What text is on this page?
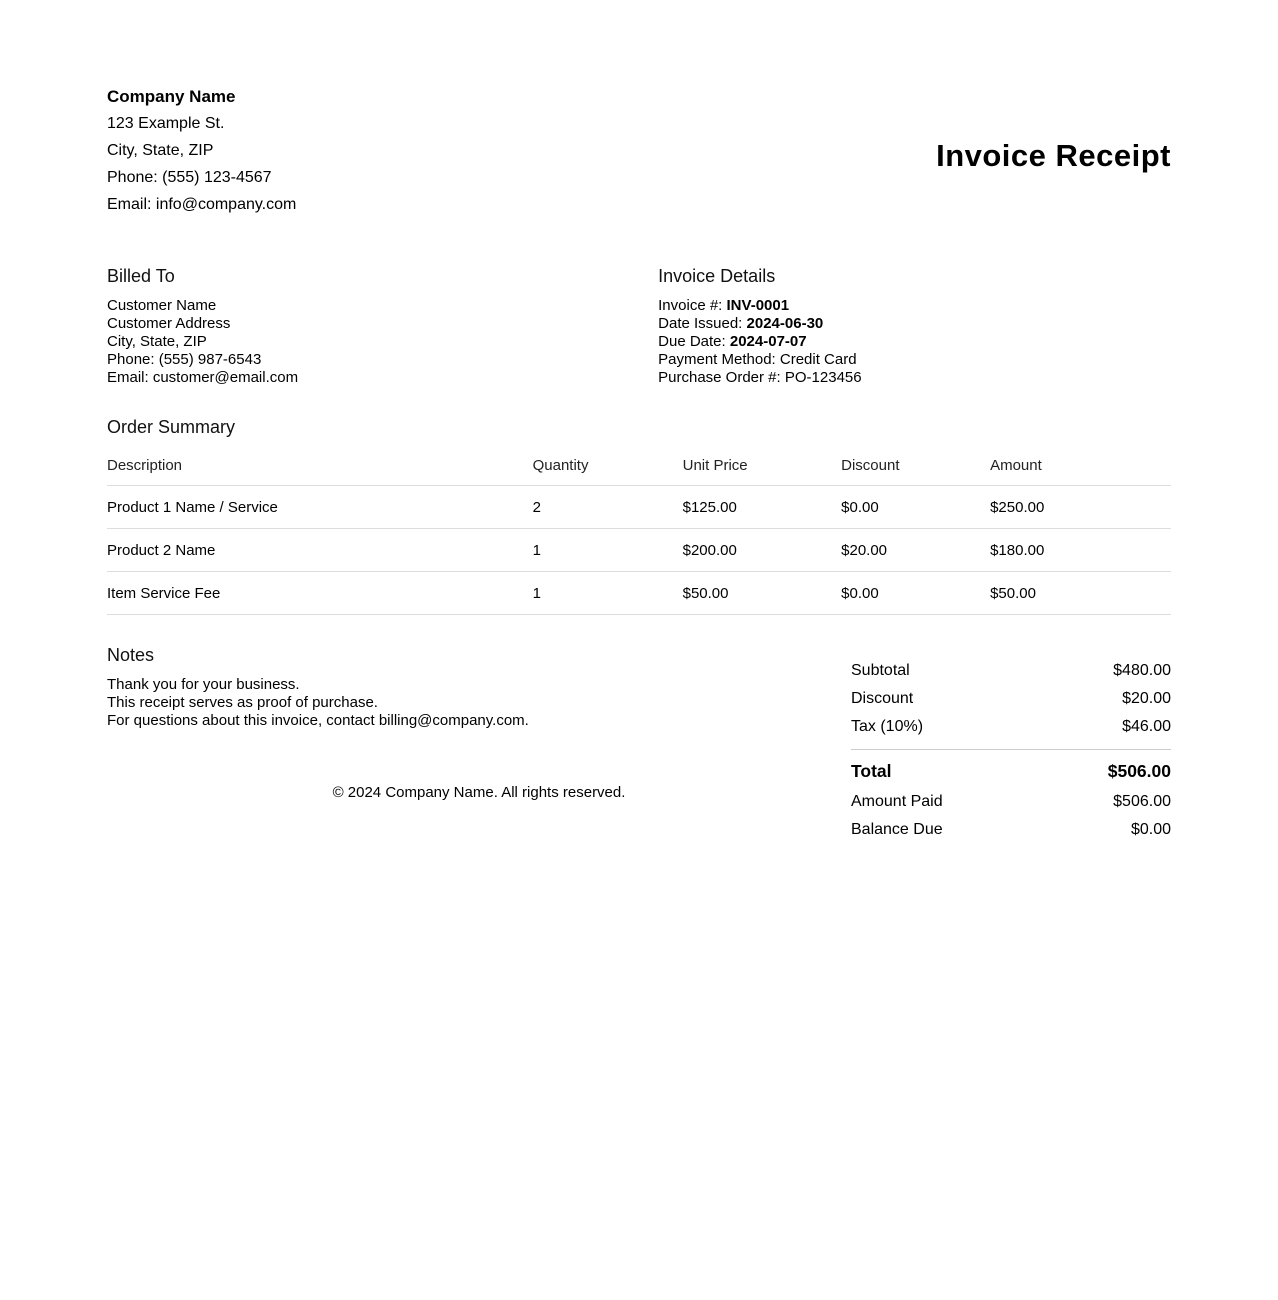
Company Name

123 Example St.

City, State, ZIP

Phone: (555) 123-4567

Email: info@company.com

Invoice Receipt
Billed To
Customer Name
Customer Address
City, State, ZIP
Phone: (555) 987-6543
Email: customer@email.com
Invoice Details
Invoice #: INV-0001
Date Issued: 2024-06-30
Due Date: 2024-07-07
Payment Method: Credit Card
Purchase Order #: PO-123456
Order Summary
Description	Quantity	Unit Price	Discount	Amount
Product 1 Name / Service	2	$125.00	$0.00	$250.00
Product 2 Name	1	$200.00	$20.00	$180.00
Item Service Fee	1	$50.00	$0.00	$50.00
Notes
Thank you for your business.
This receipt serves as proof of purchase.
For questions about this invoice, contact billing@company.com.
© 2024 Company Name. All rights reserved.
Subtotal	$480.00
Discount	$20.00
Tax (10%)	$46.00
Total	$506.00
Amount Paid	$506.00
Balance Due	$0.00
